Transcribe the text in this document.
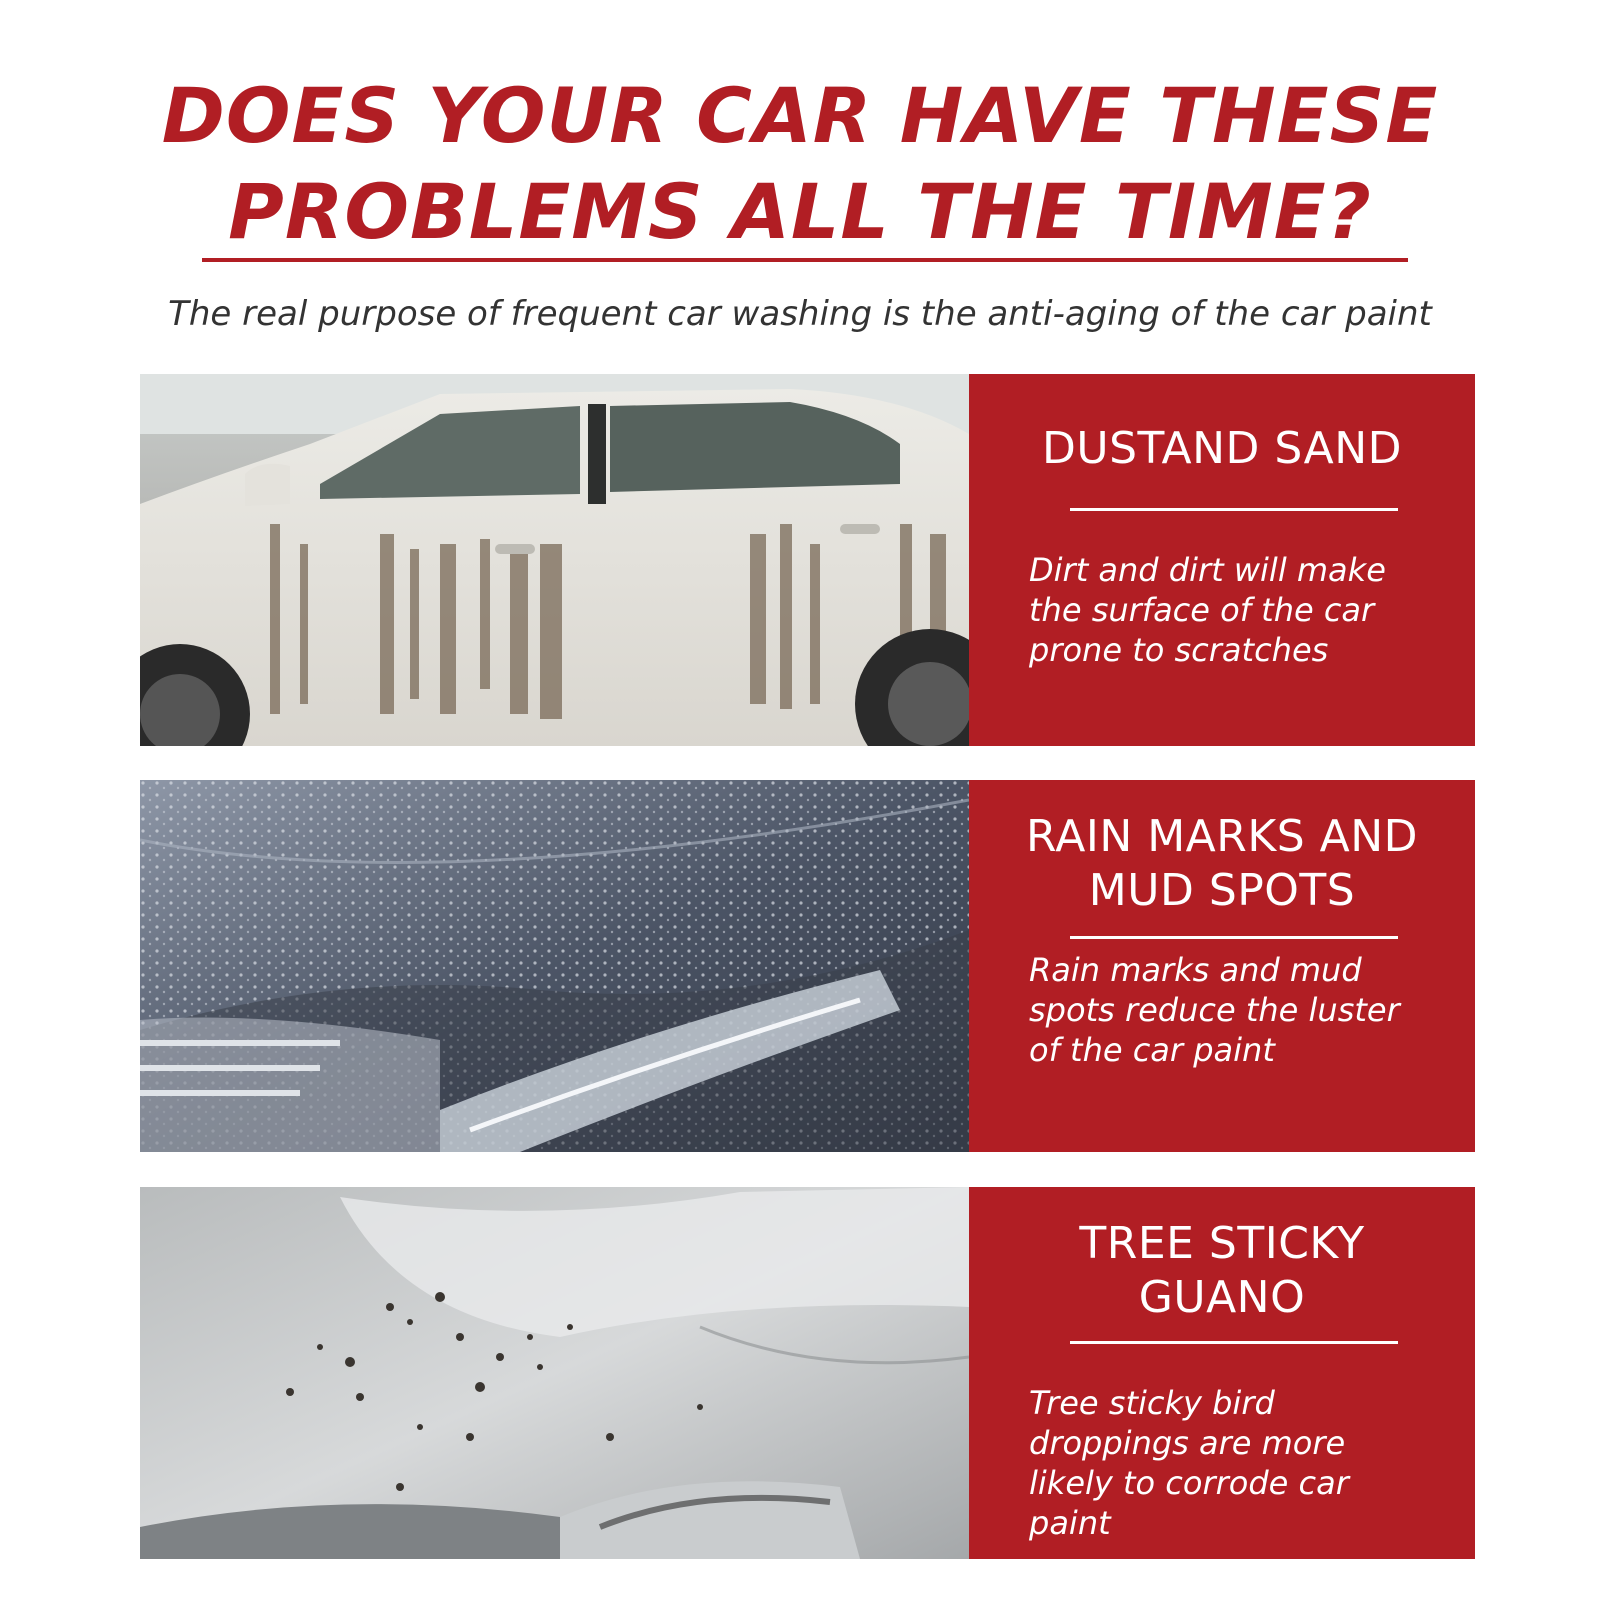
DOES YOUR CAR HAVE THESE
PROBLEMS ALL THE TIME?
The real purpose of frequent car washing is the anti-aging of the car paint
DUSTAND SAND
Dirt and dirt will make
the surface of the car
prone to scratches
RAIN MARKS AND
MUD SPOTS
Rain marks and mud
spots reduce the luster
of the car paint
TREE STICKY
GUANO
Tree sticky bird
droppings are more
likely to corrode car
paint
